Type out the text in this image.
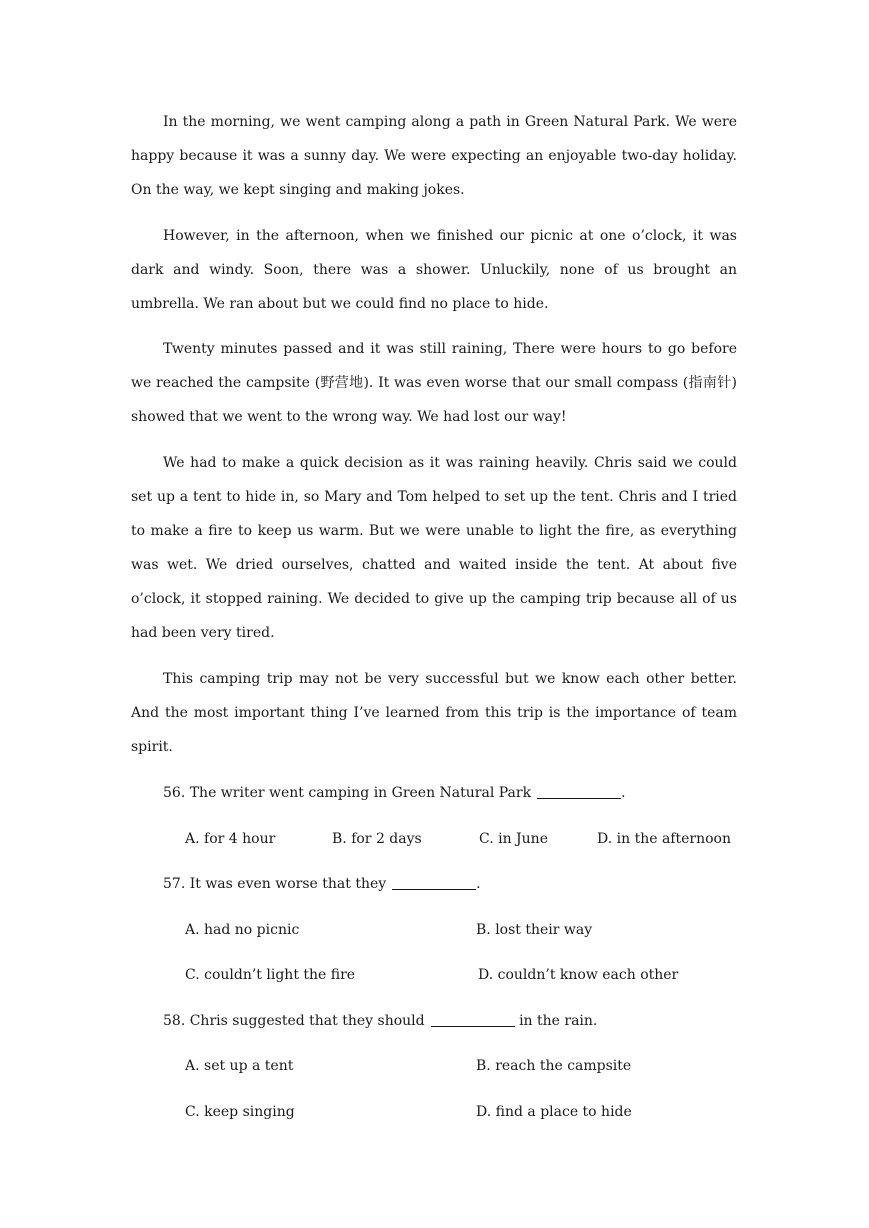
In the morning, we went camping along a path in Green Natural Park. We were happy because it was a sunny day. We were expecting an enjoyable two-day holiday. On the way, we kept singing and making jokes.

However, in the afternoon, when we finished our picnic at one o’clock, it was dark and windy. Soon, there was a shower. Unluckily, none of us brought an umbrella. We ran about but we could find no place to hide.

Twenty minutes passed and it was still raining, There were hours to go before we reached the campsite (野营地). It was even worse that our small compass (指南针) showed that we went to the wrong way. We had lost our way!

We had to make a quick decision as it was raining heavily. Chris said we could set up a tent to hide in, so Mary and Tom helped to set up the tent. Chris and I tried to make a fire to keep us warm. But we were unable to light the fire, as everything was wet. We dried ourselves, chatted and waited inside the tent. At about five o’clock, it stopped raining. We decided to give up the camping trip because all of us had been very tired.

This camping trip may not be very successful but we know each other better. And the most important thing I’ve learned from this trip is the importance of team spirit.

56. The writer went camping in Green Natural Park	.
A. for 4 hour	B. for 2 days	C. in June	D. in the afternoon
57. It was even worse that they	.
A. had no picnic	B. lost their way
C. couldn’t light the fire	D. couldn’t know each other
58. Chris suggested that they should	in the rain.
A. set up a tent	B. reach the campsite
C. keep singing	D. find a place to hide
